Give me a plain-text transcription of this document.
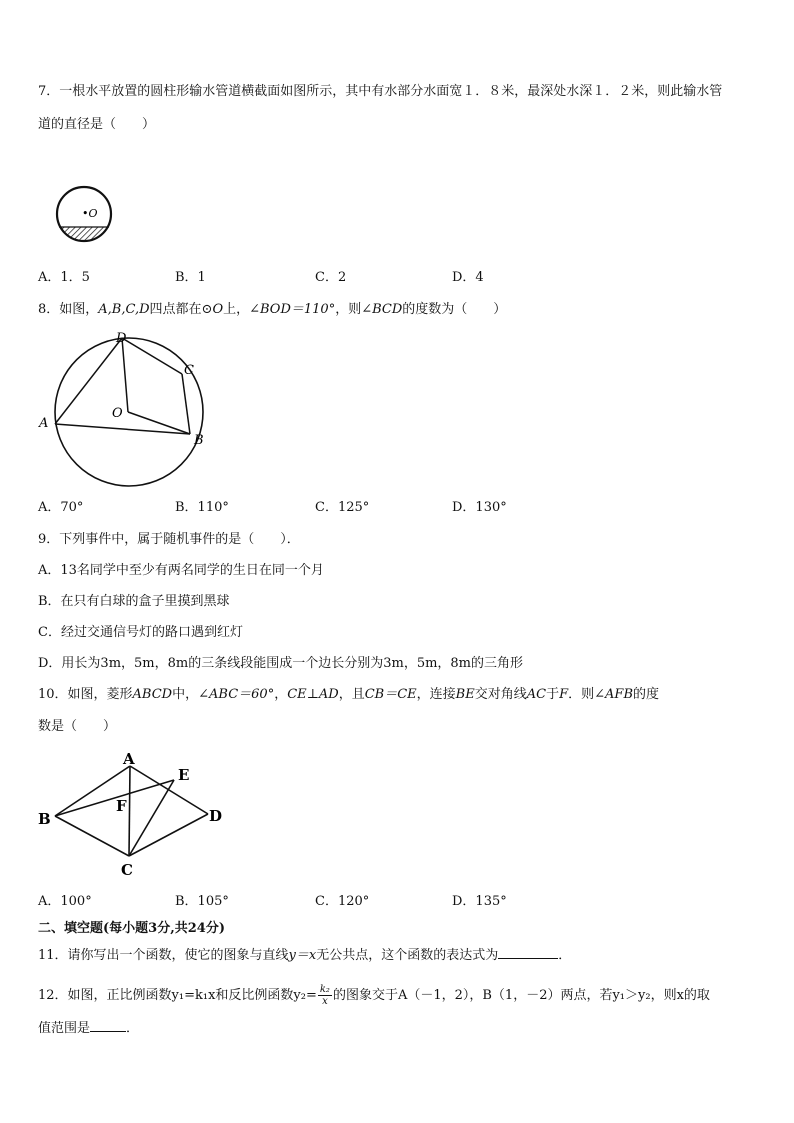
7．一根水平放置的圆柱形输水管道横截面如图所示，其中有水部分水面宽１．８米，最深处水深１．２米，则此输水管
道的直径是（　　）
•O
A．1．5	B．1	C．2	D．4
8．如图，A,B,C,D四点都在⊙O上，∠BOD＝110°，则∠BCD的度数为（　　）
D
C
A
O
B
A．70°	B．110°	C．125°	D．130°
9．下列事件中，属于随机事件的是（　　）．
A．13名同学中至少有两名同学的生日在同一个月
B．在只有白球的盒子里摸到黑球
C．经过交通信号灯的路口遇到红灯
D．用长为3m，5m，8m的三条线段能围成一个边长分别为3m，5m，8m的三角形
10．如图，菱形ABCD中，∠ABC＝60°，CE⊥AD，且CB＝CE，连接BE交对角线AC于F．则∠AFB的度
数是（　　）
A
E
B
F
D
C
A．100°	B．105°	C．120°	D．135°
二、填空题(每小题3分,共24分)
11．请你写出一个函数，使它的图象与直线y＝x无公共点，这个函数的表达式为	．
12．如图，正比例函数y₁=k₁x和反比例函数$y_2= \frac{\text{k₂}}{x}$ 的图象交于A（－1，2），B（1，－2）两点，若y₁＞y₂，则x的取
值范围是	．
